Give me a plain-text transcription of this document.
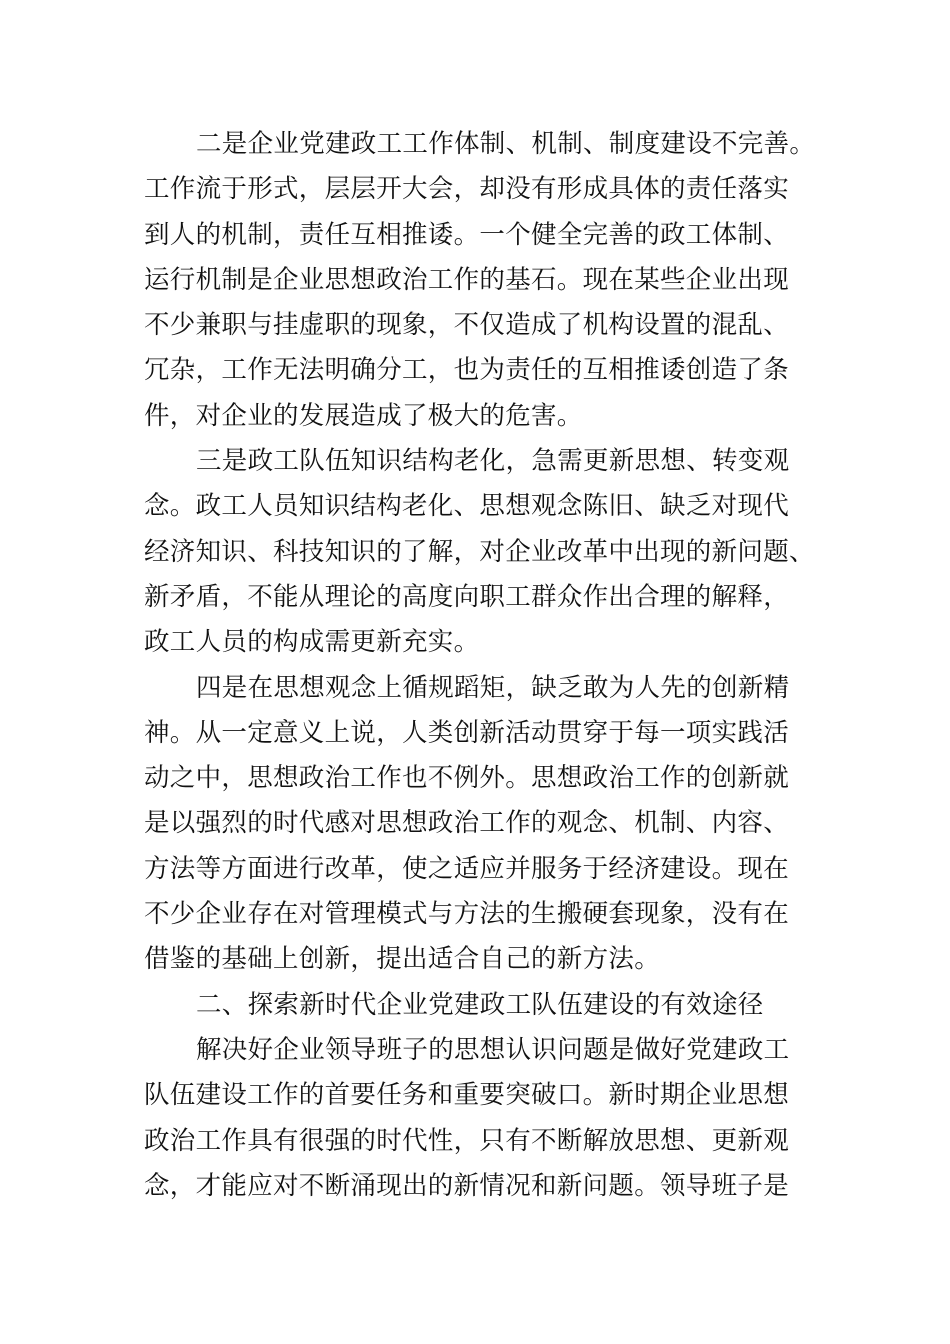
二是企业党建政工工作体制、机制、制度建设不完善。
工作流于形式，层层开大会，却没有形成具体的责任落实
到人的机制，责任互相推诿。一个健全完善的政工体制、
运行机制是企业思想政治工作的基石。现在某些企业出现
不少兼职与挂虚职的现象，不仅造成了机构设置的混乱、
冗杂，工作无法明确分工，也为责任的互相推诿创造了条
件，对企业的发展造成了极大的危害。
三是政工队伍知识结构老化，急需更新思想、转变观
念。政工人员知识结构老化、思想观念陈旧、缺乏对现代
经济知识、科技知识的了解，对企业改革中出现的新问题、
新矛盾，不能从理论的高度向职工群众作出合理的解释，
政工人员的构成需更新充实。
四是在思想观念上循规蹈矩，缺乏敢为人先的创新精
神。从一定意义上说，人类创新活动贯穿于每一项实践活
动之中，思想政治工作也不例外。思想政治工作的创新就
是以强烈的时代感对思想政治工作的观念、机制、内容、
方法等方面进行改革，使之适应并服务于经济建设。现在
不少企业存在对管理模式与方法的生搬硬套现象，没有在
借鉴的基础上创新，提出适合自己的新方法。
二、探索新时代企业党建政工队伍建设的有效途径
解决好企业领导班子的思想认识问题是做好党建政工
队伍建设工作的首要任务和重要突破口。新时期企业思想
政治工作具有很强的时代性，只有不断解放思想、更新观
念，才能应对不断涌现出的新情况和新问题。领导班子是
